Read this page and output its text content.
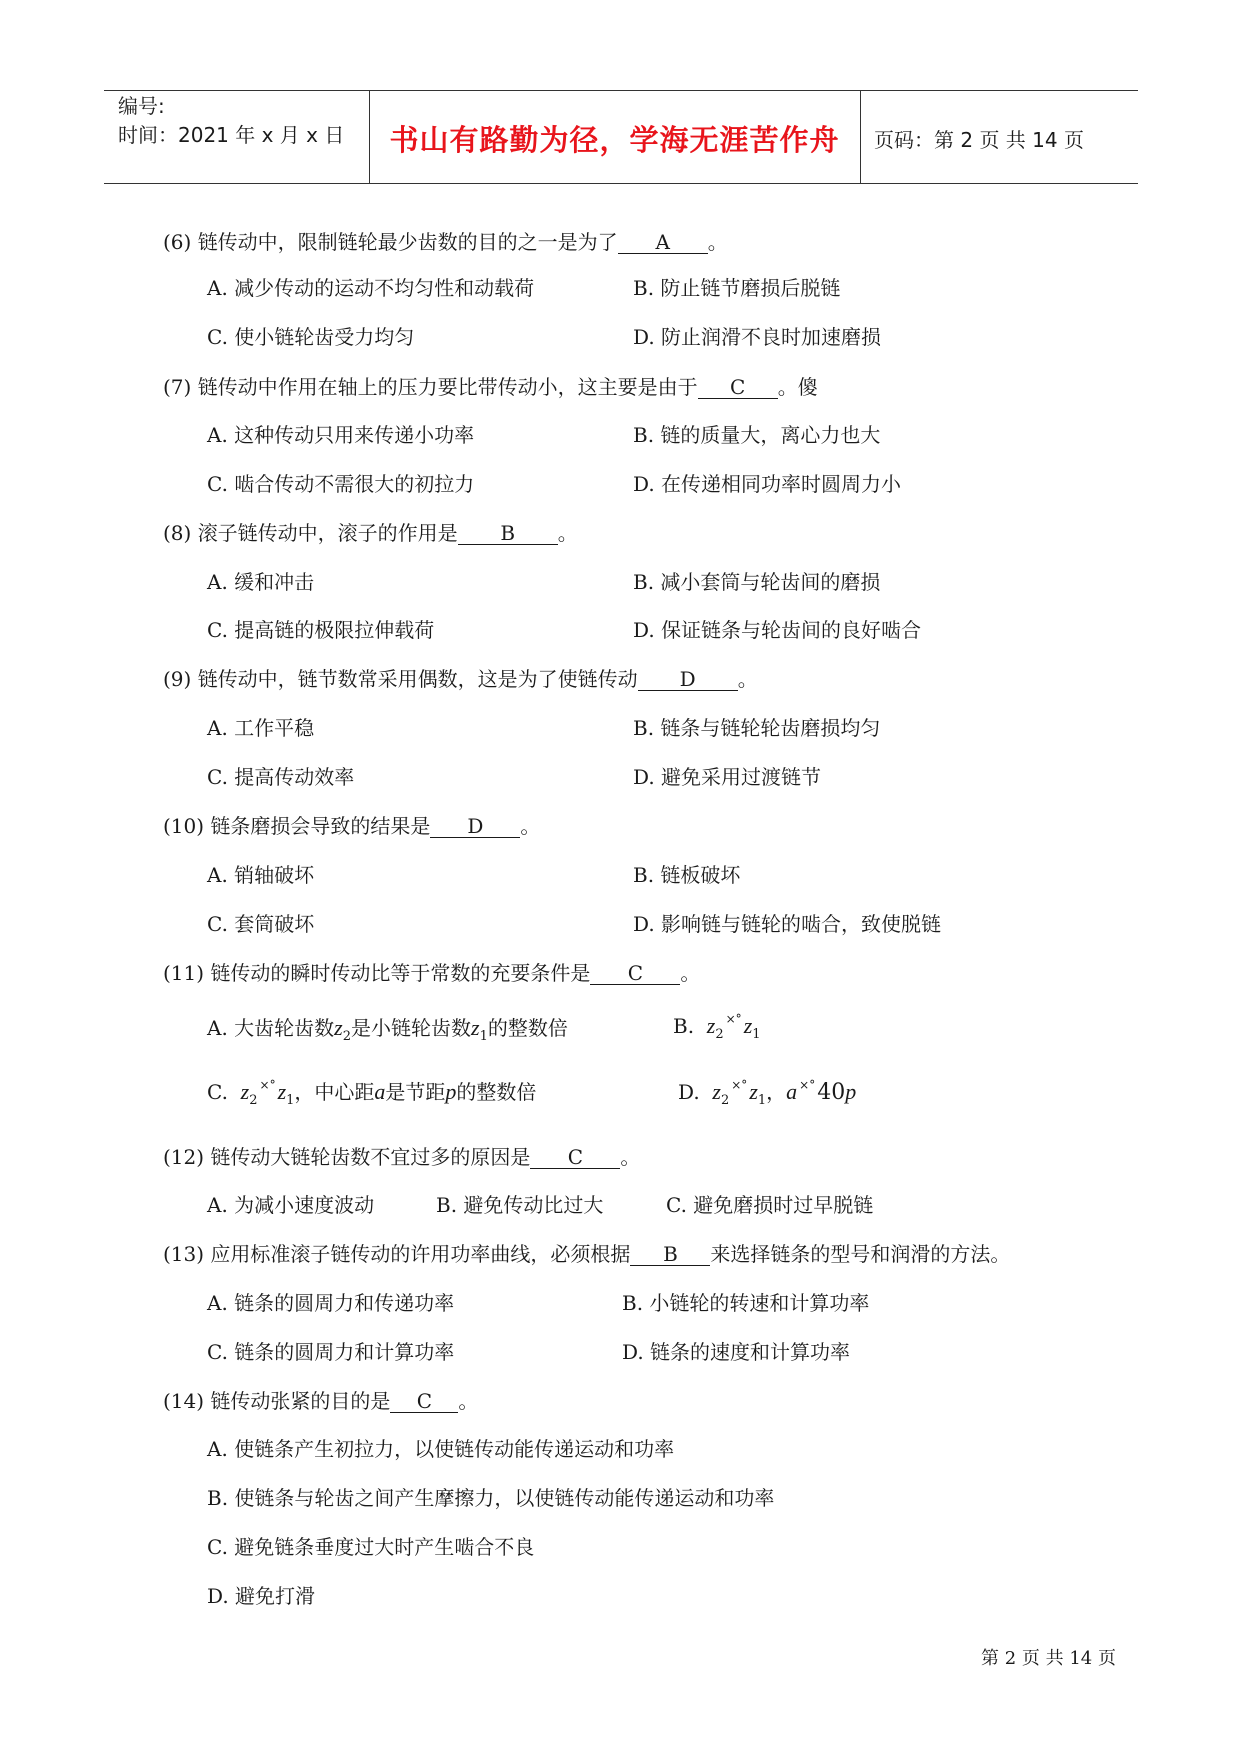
编号:
时间：2021 年 x 月 x 日	书山有路勤为径，学海无涯苦作舟	页码：第 2 页 共 14 页
(6) 链传动中，限制链轮最少齿数的目的之一是为了 A 。
A. 减少传动的运动不均匀性和动载荷	B. 防止链节磨损后脱链
C. 使小链轮齿受力均匀	D. 防止润滑不良时加速磨损
(7) 链传动中作用在轴上的压力要比带传动小，这主要是由于 C 。傻
A. 这种传动只用来传递小功率	B. 链的质量大，离心力也大
C. 啮合传动不需很大的初拉力	D. 在传递相同功率时圆周力小
(8) 滚子链传动中，滚子的作用是 B 。
A. 缓和冲击	B. 减小套筒与轮齿间的磨损
C. 提高链的极限拉伸载荷	D. 保证链条与轮齿间的良好啮合
(9) 链传动中，链节数常采用偶数，这是为了使链传动 D 。
A. 工作平稳	B. 链条与链轮轮齿磨损均匀
C. 提高传动效率	D. 避免采用过渡链节
(10) 链条磨损会导致的结果是 D 。
A. 销轴破坏	B. 链板破坏
C. 套筒破坏	D. 影响链与链轮的啮合，致使脱链
(11) 链传动的瞬时传动比等于常数的充要条件是 C 。
A. 大齿轮齿数$z_2$是小链轮齿数$z_1$的整数倍	B. $z_2^{\times^\circ}z_1$
C. $z_2^{\times^\circ}z_1$，中心距a是节距p的整数倍	D. $z_2^{\times^\circ}z_1$，a ×°40p
(12) 链传动大链轮齿数不宜过多的原因是 C 。
A. 为减小速度波动	B. 避免传动比过大	C. 避免磨损时过早脱链
(13) 应用标准滚子链传动的许用功率曲线，必须根据 B 来选择链条的型号和润滑的方法。
A. 链条的圆周力和传递功率	B. 小链轮的转速和计算功率
C. 链条的圆周力和计算功率	D. 链条的速度和计算功率
(14) 链传动张紧的目的是 C 。
A. 使链条产生初拉力，以使链传动能传递运动和功率
B. 使链条与轮齿之间产生摩擦力，以使链传动能传递运动和功率
C. 避免链条垂度过大时产生啮合不良
D. 避免打滑
第 2 页 共 14 页
